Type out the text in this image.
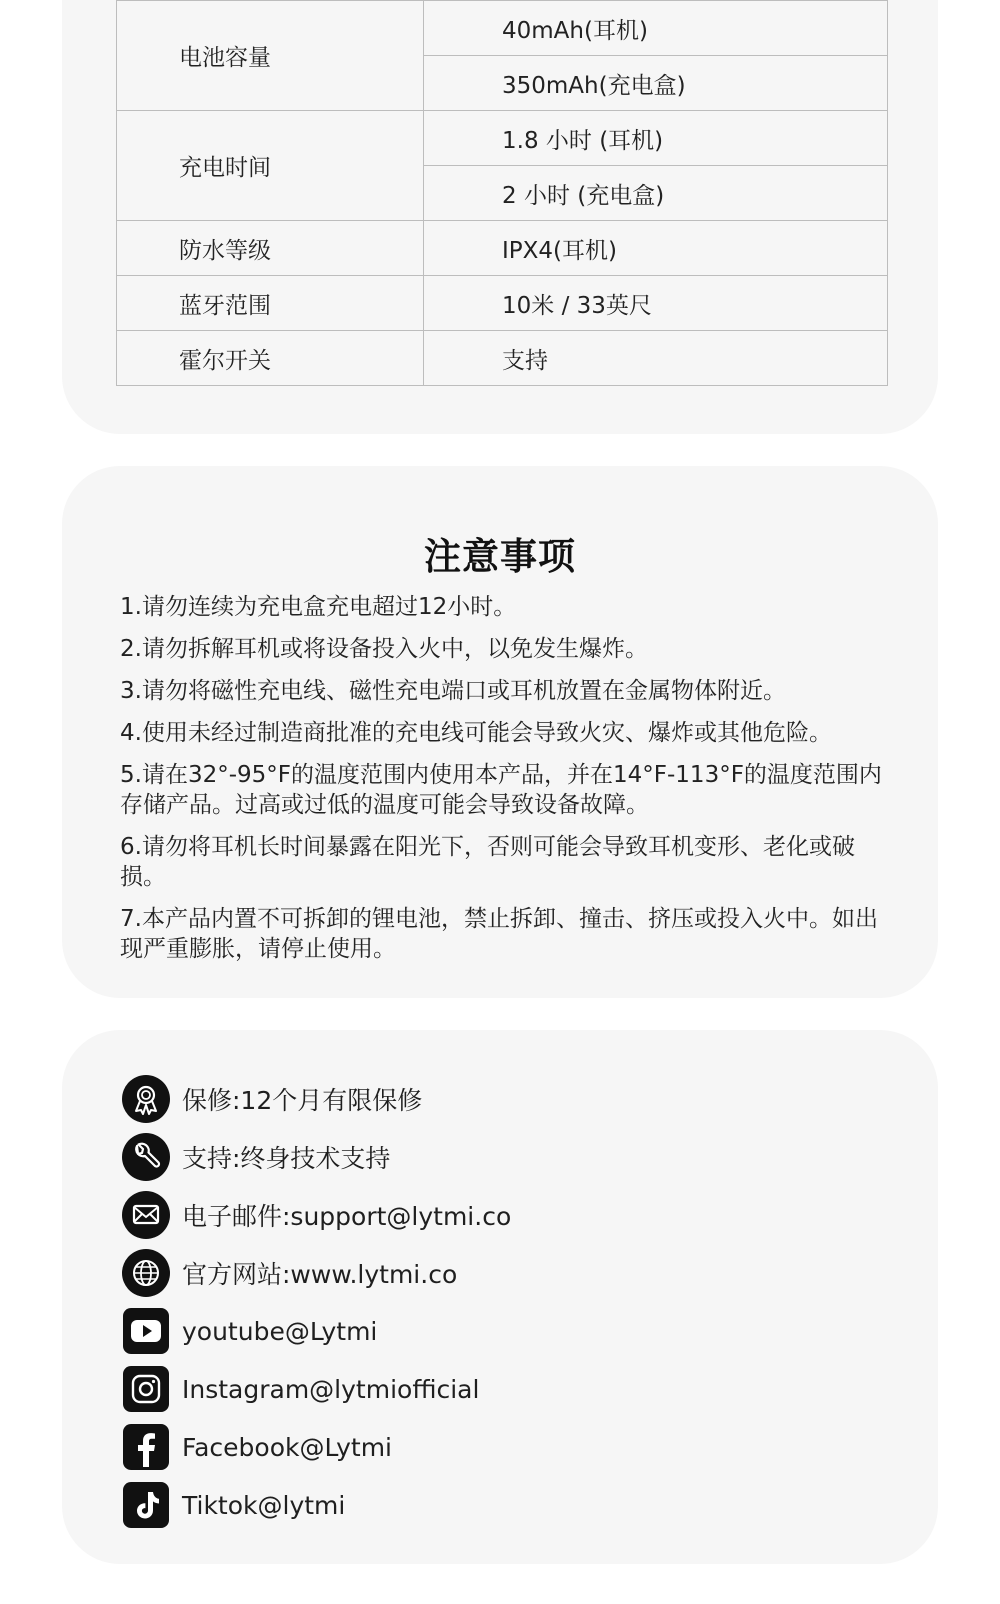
电池容量	40mAh(耳机)
	350mAh(充电盒)
充电时间	1.8 小时 (耳机)
	2 小时 (充电盒)
防水等级	IPX4(耳机)
蓝牙范围	10米 / 33英尺
霍尔开关	支持
注意事项
1.请勿连续为充电盒充电超过12小时。
2.请勿拆解耳机或将设备投入火中，以免发生爆炸。
3.请勿将磁性充电线、磁性充电端口或耳机放置在金属物体附近。
4.使用未经过制造商批准的充电线可能会导致火灾、爆炸或其他危险。
5.请在32°-95°F的温度范围内使用本产品，并在14°F-113°F的温度范围内存储产品。过高或过低的温度可能会导致设备故障。
6.请勿将耳机长时间暴露在阳光下，否则可能会导致耳机变形、老化或破损。
7.本产品内置不可拆卸的锂电池，禁止拆卸、撞击、挤压或投入火中。如出现严重膨胀，请停止使用。
保修:12个月有限保修
支持:终身技术支持
电子邮件:support@lytmi.co
官方网站:www.lytmi.co
youtube@Lytmi
Instagram@lytmiofficial
Facebook@Lytmi
Tiktok@lytmi
